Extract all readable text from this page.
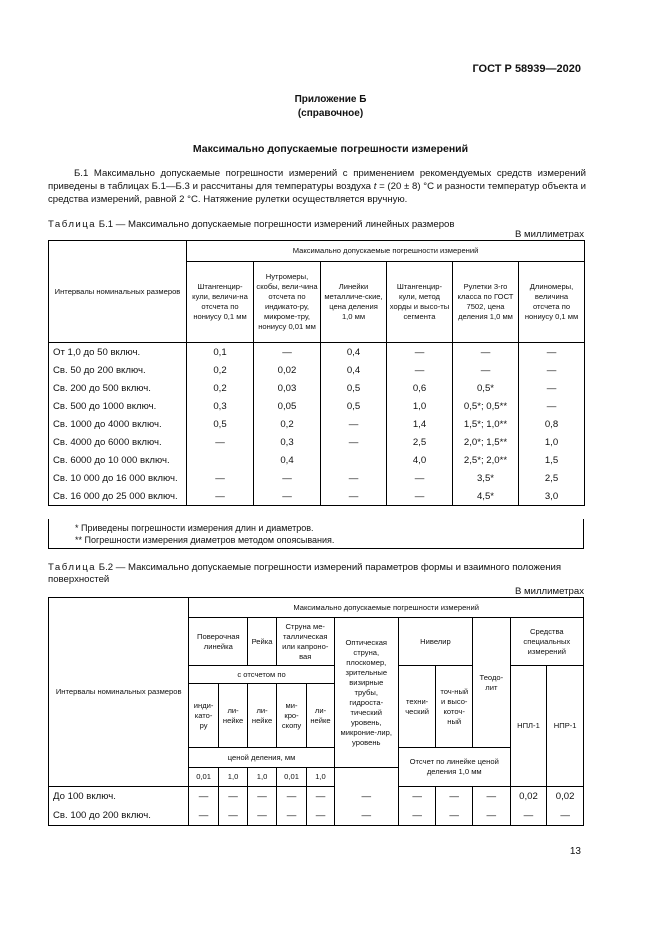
ГОСТ Р 58939—2020
Приложение Б
(справочное)
Максимально допускаемые погрешности измерений
Б.1 Максимально допускаемые погрешности измерений с применением рекомендуемых средств измерений приведены в таблицах Б.1—Б.3 и рассчитаны для температуры воздуха t = (20 ± 8) °С и разности температур объекта и средства измерений, равной 2 °С. Натяжение рулетки осуществляется вручную.
Таблица Б.1 — Максимально допускаемые погрешности измерений линейных размеров
В миллиметрах
Интервалы номинальных размеров	Максимально допускаемые погрешности измерений					
	Штангенцир-кули, величи-на отсчета по нониусу 0,1 мм	Нутромеры, скобы, вели-чина отсчета по индикато-ру, микроме-тру, нониусу 0,01 мм	Линейки металличе-ские, цена деления 1,0 мм	Штангенцир-кули, метод хорды и высо-ты сегмента	Рулетки 3-го класса по ГОСТ 7502, цена деления 1,0 мм	Длиномеры, величина отсчета по нониусу 0,1 мм
От 1,0 до 50 включ.	0,1	—	0,4	—	—	—
Св. 50 до 200 включ.	0,2	0,02	0,4	—	—	—
Св. 200 до 500 включ.	0,2	0,03	0,5	0,6	0,5*	—
Св. 500 до 1000 включ.	0,3	0,05	0,5	1,0	0,5*; 0,5**	—
Св. 1000 до 4000 включ.	0,5	0,2	—	1,4	1,5*; 1,0**	0,8
Св. 4000 до 6000 включ.	—	0,3	—	2,5	2,0*; 1,5**	1,0
Св. 6000 до 10 000 включ.		0,4		4,0	2,5*; 2,0**	1,5
Св. 10 000 до 16 000 включ.	—	—	—	—	3,5*	2,5
Св. 16 000 до 25 000 включ.	—	—	—	—	4,5*	3,0
* Приведены погрешности измерения длин и диаметров.
** Погрешности измерения диаметров методом опоясывания.
Таблица Б.2 — Максимально допускаемые погрешности измерений параметров формы и взаимного положения поверхностей
В миллиметрах
Интервалы номинальных размеров	Максимально допускаемые погрешности измерений										
	Поверочная линейка		Рейка	Струна ме-таллическая или капроно-вая		Оптическая струна, плоскомер, зрительные визирные трубы, гидроста-тический уровень, микроние-лир, уровень	Нивелир		Теодо-лит	Средства специальных измерений	
	с отсчетом по						техни-ческий	точ-ный и высо-коточ-ный		НПЛ-1	НПР-1
	инди-като-ру	ли-нейке	ли-нейке	ми-кро-скопу	ли-нейке						
	ценой деления, мм						Отсчет по линейке ценой деления 1,0 мм				
	0,01	1,0	1,0	0,01	1,0						
До 100 включ.	—	—	—	—	—	—	—	—	—	0,02	0,02
Св. 100 до 200 включ.	—	—	—	—	—	—	—	—	—	—	—
13
